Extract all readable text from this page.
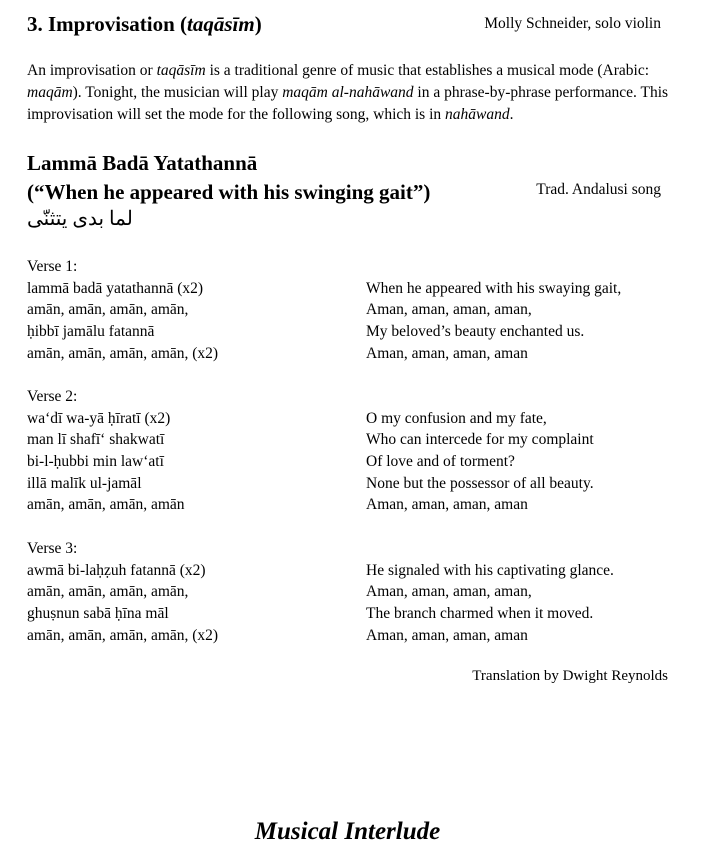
3. Improvisation (taqāsīm)	Molly Schneider, solo violin
An improvisation or taqāsīm is a traditional genre of music that establishes a musical mode (Arabic: maqām). Tonight, the musician will play maqām al-nahāwand in a phrase-by-phrase performance. This improvisation will set the mode for the following song, which is in nahāwand.
Lammā Badā Yatathannā
(“When he appeared with his swinging gait”)	Trad. Andalusi song
لما بدى يتثنّى
Verse 1:
lammā badā yatathannā (x2)
amān, amān, amān, amān,
ḥibbī jamālu fatannā
amān, amān, amān, amān, (x2)
When he appeared with his swaying gait,
Aman, aman, aman, aman,
My beloved’s beauty enchanted us.
Aman, aman, aman, aman
Verse 2:
wa‘dī wa-yā ḥīratī (x2)
man lī shafī‘ shakwatī
bi-l-ḥubbi min law‘atī
illā malīk ul-jamāl
amān, amān, amān, amān
O my confusion and my fate,
Who can intercede for my complaint
Of love and of torment?
None but the possessor of all beauty.
Aman, aman, aman, aman
Verse 3:
awmā bi-laḥẓuh fatannā (x2)
amān, amān, amān, amān,
ghuṣnun sabā ḥīna māl
amān, amān, amān, amān, (x2)
He signaled with his captivating glance.
Aman, aman, aman, aman,
The branch charmed when it moved.
Aman, aman, aman, aman
Translation by Dwight Reynolds
Musical Interlude
